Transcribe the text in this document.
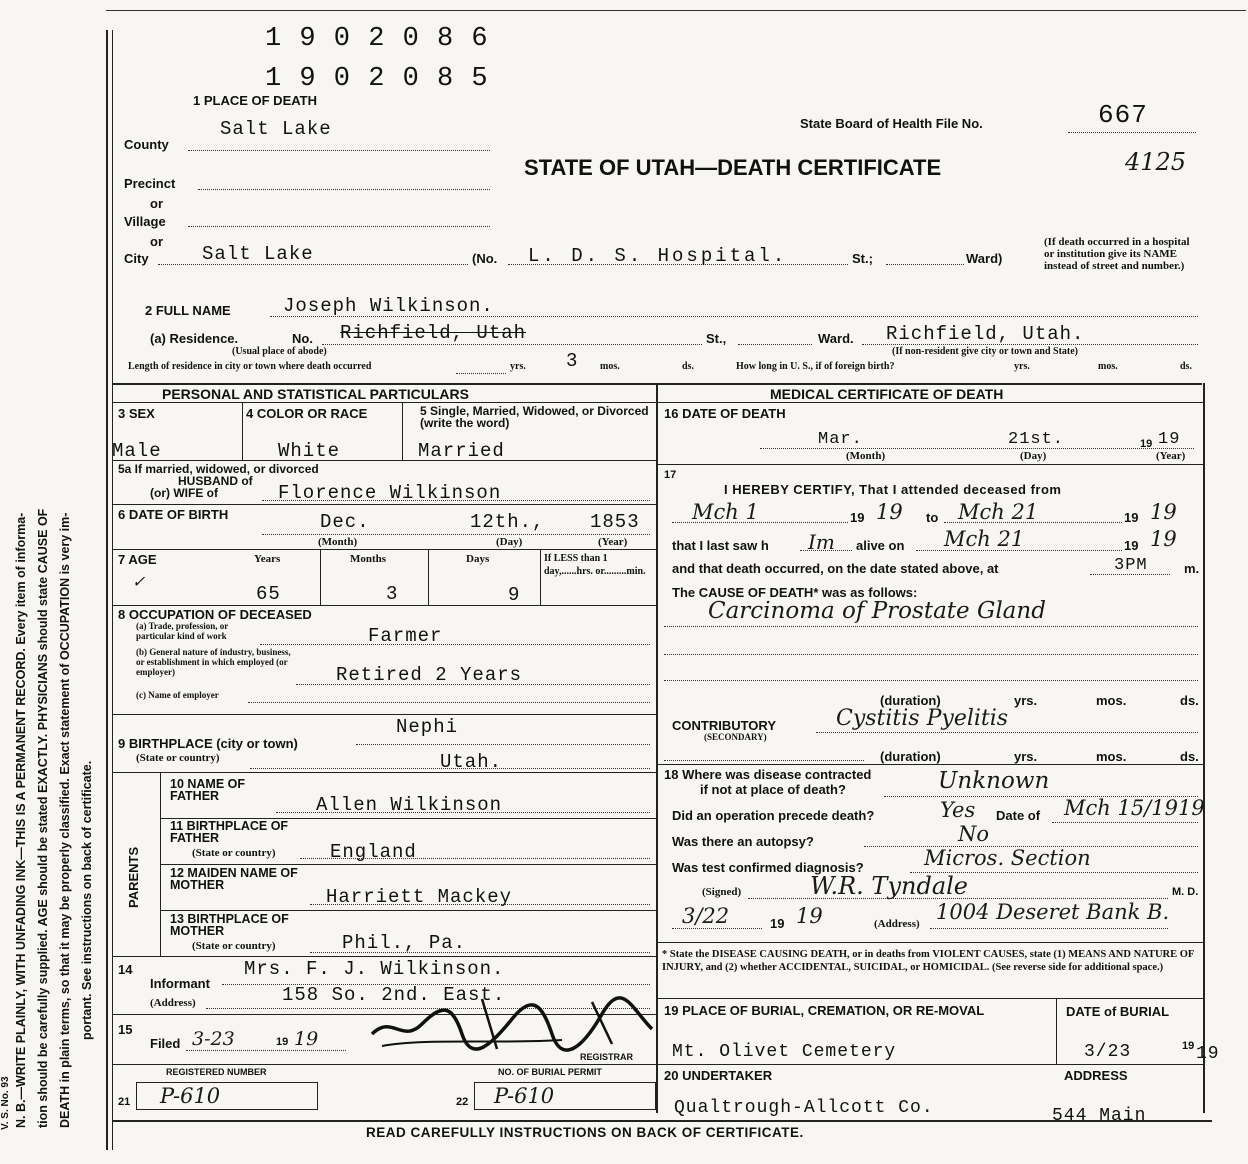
N. B.—WRITE PLAINLY, WITH UNFADING INK—THIS IS A PERMANENT RECORD. Every item of informa- tion should be carefully supplied. AGE should be stated EXACTLY. PHYSICIANS should state CAUSE OF DEATH in plain terms, so that it may be properly classified. Exact statement of OCCUPATION is very im- portant. See instructions on back of certificate.
V. S. No. 93
1 9 0 2 0 8 6
1 9 0 2 0 8 5
1 PLACE OF DEATH
State Board of Health File No.	667
STATE OF UTAH—DEATH CERTIFICATE	4125
County
Salt Lake
Precinct
or
Village
or
City	Salt Lake	(No. L. D. S. Hospital.	St.;	Ward)
(If death occurred in a hospital or institution give its NAME instead of street and number.)
2 FULL NAME	Joseph Wilkinson.
(a) Residence.	No. Richfield, Utah	St.,	Ward. Richfield, Utah.
(Usual place of abode)	(If non-resident give city or town and State)
Length of residence in city or town where death occurred	3
yrs.	mos.	ds.	How long in U. S., if of foreign birth?	yrs.	mos.	ds.
PERSONAL AND STATISTICAL PARTICULARS
3 SEX
Male
4 COLOR OR RACE
White
5 Single, Married, Widowed, or Divorced (write the word)
Married
5a If married, widowed, or divorced
HUSBAND of
(or) WIFE of	Florence Wilkinson
6 DATE OF BIRTH	Dec.	12th., 1853
(Month)	(Day)	(Year)
7 AGE	Years	Months	Days	If LESS than 1 day,......hrs. or.........min.
✓
65	3	9
8 OCCUPATION OF DECEASED
(a) Trade, profession, or particular kind of work	Farmer
(b) General nature of industry, business, or establishment in which employed (or employer)	Retired 2 Years
(c) Name of employer
Nephi
9 BIRTHPLACE (city or town)
(State or country)	Utah.
PARENTS
10 NAME OF FATHER	Allen Wilkinson
11 BIRTHPLACE OF FATHER
(State or country)	England
12 MAIDEN NAME OF MOTHER
Harriett Mackey
13 BIRTHPLACE OF MOTHER
(State or country)	Phil., Pa.
14	Mrs. F. J. Wilkinson.
Informant
(Address)	158 So. 2nd. East.
15
Filed 3-23	19 19
REGISTRAR
REGISTERED NUMBER	NO. OF BURIAL PERMIT
21 P-610	22 P-610
MEDICAL CERTIFICATE OF DEATH
16 DATE OF DEATH
Mar.	21st.	19 19
(Month)	(Day)	(Year)
17
I HEREBY CERTIFY, That I attended deceased from
Mch 1	19 19 to Mch 21	19 19
that I last saw h Im alive on Mch 21	19 19
and that death occurred, on the date stated above, at	3PM	m.
The CAUSE OF DEATH* was as follows:
Carcinoma of Prostate Gland
(duration)	yrs.	mos.	ds.
CONTRIBUTORY
(SECONDARY)
Cystitis Pyelitis
(duration)	yrs.	mos.	ds.
18 Where was disease contracted
if not at place of death?	Unknown
Did an operation precede death?	Yes Date of Mch 15/1919
Was there an autopsy?	No
Was test confirmed diagnosis?	Micros. Section
(Signed)	W.R. Tyndale	M. D.
3/22	19 19	(Address) 1004 Deseret Bank B.
* State the DISEASE CAUSING DEATH, or in deaths from VIOLENT CAUSES, state (1) MEANS AND NATURE OF INJURY, and (2) whether ACCIDENTAL, SUICIDAL, or HOMICIDAL. (See reverse side for additional space.)
19 PLACE OF BURIAL, CREMATION, OR RE-MOVAL	DATE of BURIAL
Mt. Olivet Cemetery	3/23	19 19
20 UNDERTAKER	ADDRESS
Qualtrough-Allcott Co.	544 Main
READ CAREFULLY INSTRUCTIONS ON BACK OF CERTIFICATE.
